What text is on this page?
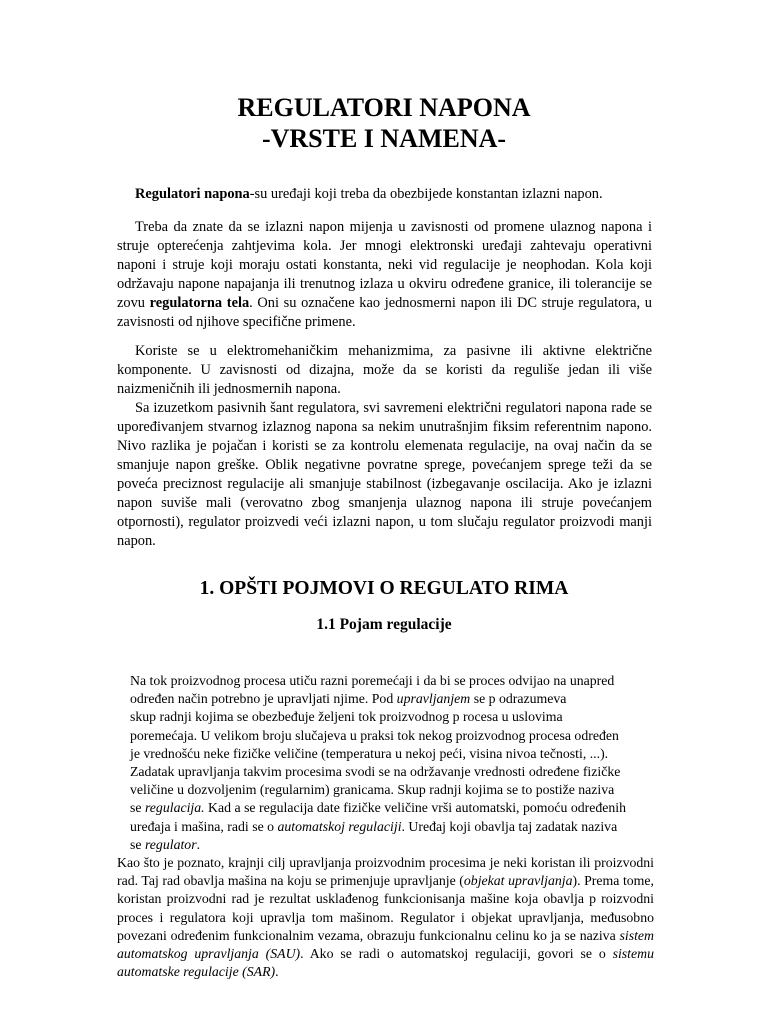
REGULATORI NAPONA
-VRSTE I NAMENA-

Regulatori napona-su uređaji koji treba da obezbijede konstantan izlazni napon.

Treba da znate da se izlazni napon mijenja u zavisnosti od promene ulaznog napona i struje opterećenja zahtjevima kola. Jer mnogi elektronski uređaji zahtevaju operativni naponi i struje koji moraju ostati konstanta, neki vid regulacije je neophodan. Kola koji održavaju napone napajanja ili trenutnog izlaza u okviru određene granice, ili tolerancije se zovu regulatorna tela. Oni su označene kao jednosmerni napon ili DC struje regulatora, u zavisnosti od njihove specifične primene.

Koriste se u elektromehaničkim mehanizmima, za pasivne ili aktivne električne komponente. U zavisnosti od dizajna, može da se koristi da reguliše jedan ili više naizmeničnih ili jednosmernih napona.

Sa izuzetkom pasivnih šant regulatora, svi savremeni električni regulatori napona rade se upoređivanjem stvarnog izlaznog napona sa nekim unutrašnjim fiksim referentnim napono. Nivo razlika je pojačan i koristi se za kontrolu elemenata regulacije, na ovaj način da se smanjuje napon greške. Oblik negativne povratne sprege, povećanjem sprege teži da se poveća preciznost regulacije ali smanjuje stabilnost (izbegavanje oscilacija. Ako je izlazni napon suviše mali (verovatno zbog smanjenja ulaznog napona ili struje povećanjem otpornosti), regulator proizvedi veći izlazni napon, u tom slučaju regulator proizvodi manji napon.

1. OPŠTI POJMOVI O REGULATO RIMA
1.1 Pojam regulacije

Na tok proizvodnog procesa utiču razni poremećaji i da bi se proces odvijao na unapred
određen način potrebno je upravljati njime. Pod upravljanjem se p odrazumeva
skup radnji kojima se obezbeđuje željeni tok proizvodnog p rocesa u uslovima
poremećaja. U velikom broju slučajeva u praksi tok nekog proizvodnog procesa određen
je vrednošću neke fizičke veličine (temperatura u nekoj peći, visina nivoa tečnosti, ...).
Zadatak upravljanja takvim procesima svodi se na održavanje vrednosti određene fizičke
veličine u dozvoljenim (regularnim) granicama. Skup radnji kojima se to postiže naziva
se regulacija. Kad a se regulacija date fizičke veličine vrši automatski, pomoću određenih
uređaja i mašina, radi se o automatskoj regulaciji. Uređaj koji obavlja taj zadatak naziva
se regulator.

Kao što je poznato, krajnji cilj upravljanja proizvodnim procesima je neki koristan ili proizvodni rad. Taj rad obavlja mašina na koju se primenjuje upravljanje (objekat upravljanja). Prema tome, koristan proizvodni rad je rezultat usklađenog funkcionisanja mašine koja obavlja p roizvodni proces i regulatora koji upravlja tom mašinom. Regulator i objekat upravljanja, međusobno povezani određenim funkcionalnim vezama, obrazuju funkcionalnu celinu ko ja se naziva sistem automatskog upravljanja (SAU). Ako se radi o automatskoj regulaciji, govori se o sistemu automatske regulacije (SAR).
